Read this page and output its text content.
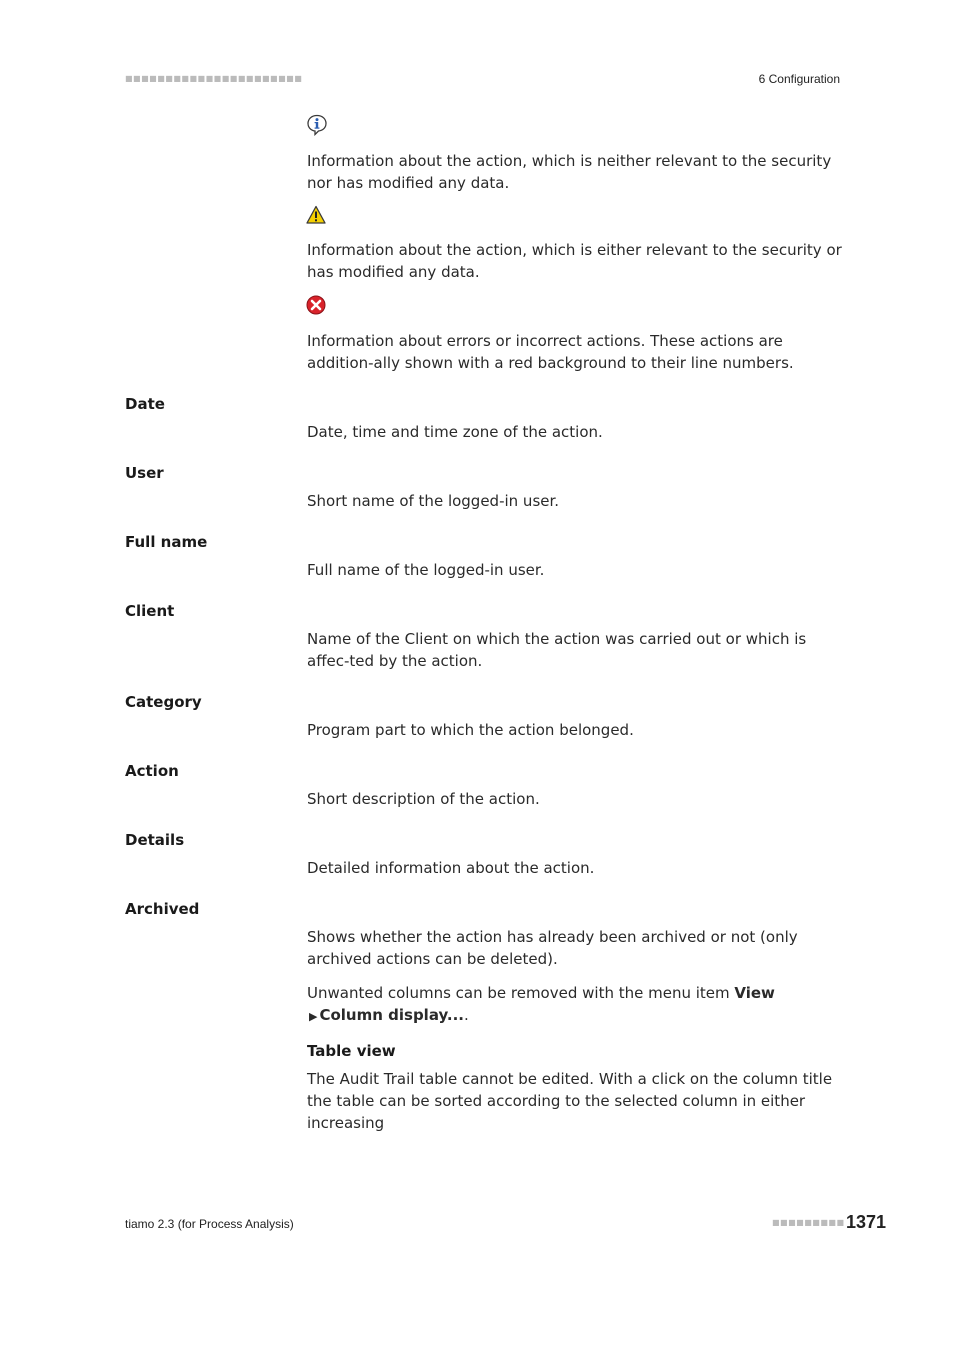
■■■■■■■■■■■■■■■■■■■■■■	6 Configuration
Information about the action, which is neither relevant to the security nor has modified any data.
Information about the action, which is either relevant to the security or has modified any data.
Information about errors or incorrect actions. These actions are addition-ally shown with a red background to their line numbers.
Date
Date, time and time zone of the action.
User
Short name of the logged-in user.
Full name
Full name of the logged-in user.
Client
Name of the Client on which the action was carried out or which is affec-ted by the action.
Category
Program part to which the action belonged.
Action
Short description of the action.
Details
Detailed information about the action.
Archived
Shows whether the action has already been archived or not (only archived actions can be deleted).
Unwanted columns can be removed with the menu item View ▶ Column display....
Table view
The Audit Trail table cannot be edited. With a click on the column title the table can be sorted according to the selected column in either increasing
tiamo 2.3 (for Process Analysis)	■■■■■■■■■ 1371
